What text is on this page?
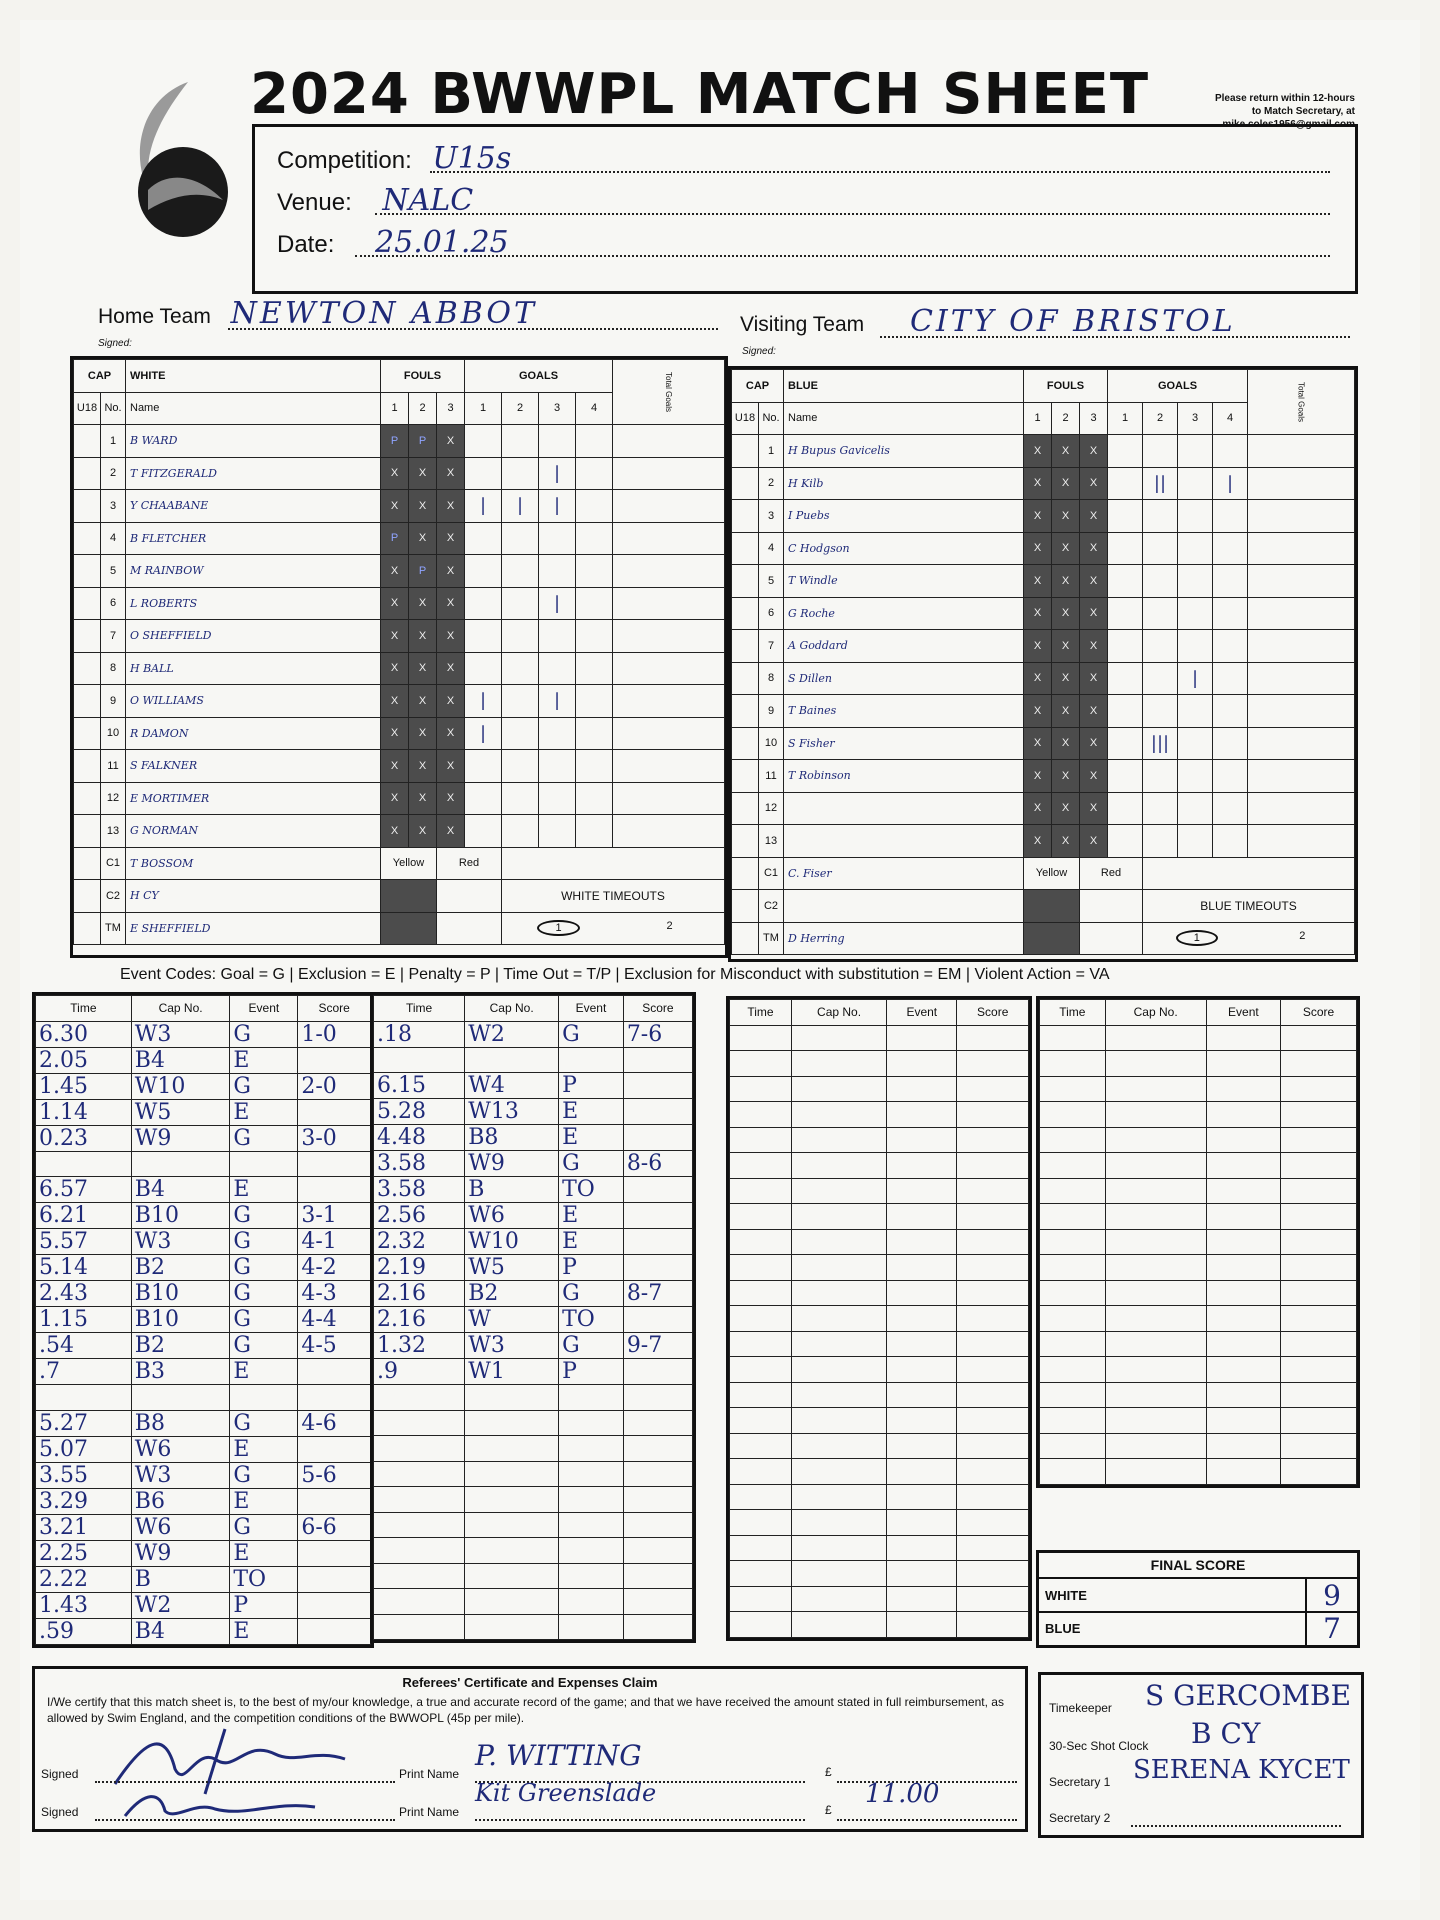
2024 BWWPL MATCH SHEET	Please return within 12-hours
to Match Secretary, at
mike.coles1956@gmail.com
Competition: U15s
Venue: NALC
Date: 25.01.25
Home Team NEWTON ABBOT
Signed:
Visiting Team CITY OF BRISTOL
Signed:
CAP		WHITE	FOULS			GOALS				Total Goals
U18	No.	Name	1	2	3	1	2	3	4	
	1	B WARD	P	P	X					
	2	T FITZGERALD	X	X	X			|		
	3	Y CHAABANE	X	X	X	|	|	|		
	4	B FLETCHER	P	X	X					
	5	M RAINBOW	X	P	X					
	6	L ROBERTS	X	X	X			|		
	7	O SHEFFIELD	X	X	X					
	8	H BALL	X	X	X					
	9	O WILLIAMS	X	X	X	|		|		
	10	R DAMON	X	X	X	|				
	11	S FALKNER	X	X	X					
	12	E MORTIMER	X	X	X					
	13	G NORMAN	X	X	X					
	C1	T BOSSOM	Yellow		Red					
	C2	H CY					WHITE TIMEOUTS			
	TM	E SHEFFIELD					1 2			
CAP		BLUE	FOULS			GOALS				Total Goals
U18	No.	Name	1	2	3	1	2	3	4	
	1	H Bupus Gavicelis	X	X	X					
	2	H Kilb	X	X	X		||		|	
	3	I Puebs	X	X	X					
	4	C Hodgson	X	X	X					
	5	T Windle	X	X	X					
	6	G Roche	X	X	X					
	7	A Goddard	X	X	X					
	8	S Dillen	X	X	X			|		
	9	T Baines	X	X	X					
	10	S Fisher	X	X	X		|||			
	11	T Robinson	X	X	X					
	12		X	X	X					
	13		X	X	X					
	C1	C. Fiser	Yellow		Red					
	C2						BLUE TIMEOUTS			
	TM	D Herring					1 2			
Event Codes: Goal = G | Exclusion = E | Penalty = P | Time Out = T/P | Exclusion for Misconduct with substitution = EM | Violent Action = VA
Time	Cap No.	Event	Score
6.30	W3	G	1-0
2.05	B4	E	
1.45	W10	G	2-0
1.14	W5	E	
0.23	W9	G	3-0

6.57	B4	E	
6.21	B10	G	3-1
5.57	W3	G	4-1
5.14	B2	G	4-2
2.43	B10	G	4-3
1.15	B10	G	4-4
.54	B2	G	4-5
.7	B3	E	

5.27	B8	G	4-6
5.07	W6	E	
3.55	W3	G	5-6
3.29	B6	E	
3.21	W6	G	6-6
2.25	W9	E	
2.22	B	TO	
1.43	W2	P	
.59	B4	E	
Time	Cap No.	Event	Score
.18	W2	G	7-6

6.15	W4	P	
5.28	W13	E	
4.48	B8	E	
3.58	W9	G	8-6
3.58	B	TO	
2.56	W6	E	
2.32	W10	E	
2.19	W5	P	
2.16	B2	G	8-7
2.16	W	TO	
1.32	W3	G	9-7
.9	W1	P	

Time	Cap No.	Event	Score

				Time	Cap No.	Event	Score

FINAL SCORE
WHITE	9
BLUE	7
Referees' Certificate and Expenses Claim
I/We certify that this match sheet is, to the best of my/our knowledge, a true and accurate record of the game; and that we have received the amount stated in full reimbursement, as allowed by Swim England, and the competition conditions of the BWWOPL (45p per mile).
Signed	Print Name
P. WITTING	£
Signed	Print Name
Kit Greenslade
£
11.00
Timekeeper S GERCOMBE
30-Sec Shot Clock B CY
Secretary 1 SERENA KYCET
Secretary 2
